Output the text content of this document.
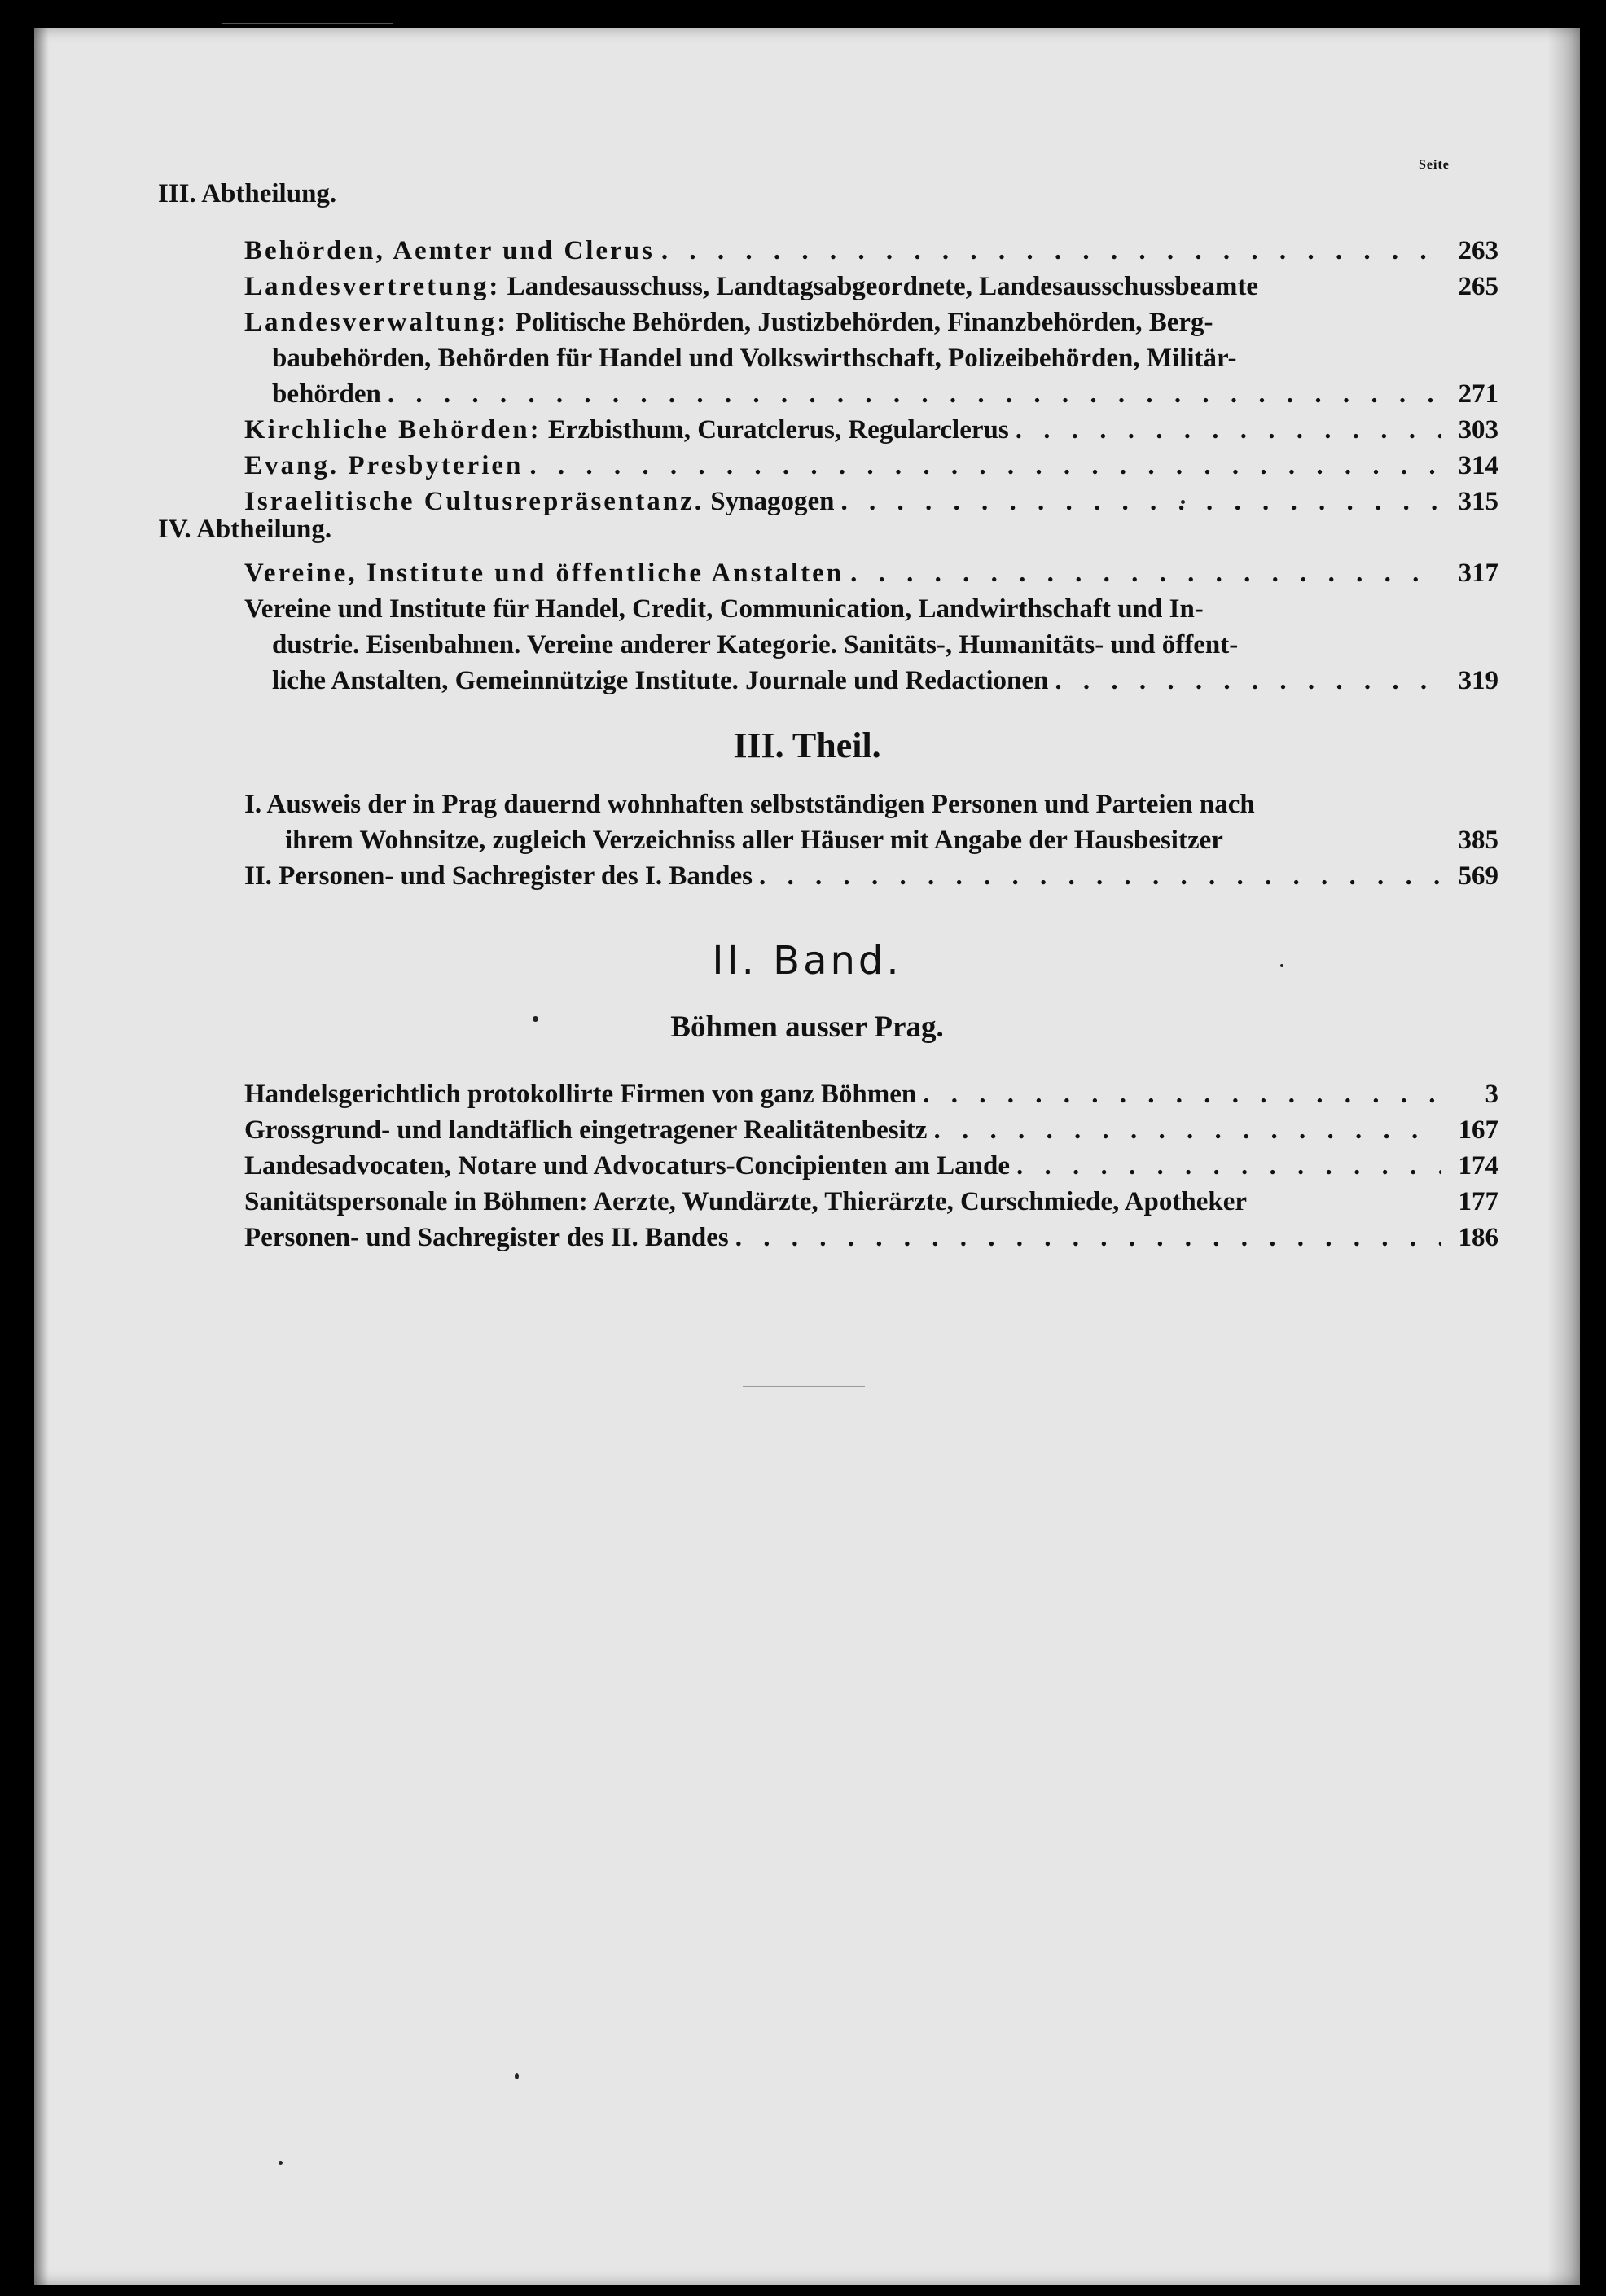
Seite
III. Abtheilung.
Behörden, Aemter und Clerus . . .	263
Landesvertretung: Landesausschuss, Landtagsabgeordnete, Landesausschussbeamte	265
Landesverwaltung: Politische Behörden, Justizbehörden, Finanzbehörden, Berg-
baubehörden, Behörden für Handel und Volkswirthschaft, Polizeibehörden, Militär-
behörden . . .	271
Kirchliche Behörden: Erzbisthum, Curatclerus, Regularclerus . . .	303
Evang. Presbyterien . . .	314
Israelitische Cultusrepräsentanz. Synagogen . . .	315
IV. Abtheilung.
Vereine, Institute und öffentliche Anstalten . . .	317
Vereine und Institute für Handel, Credit, Communication, Landwirthschaft und In-
dustrie. Eisenbahnen. Vereine anderer Kategorie. Sanitäts-, Humanitäts- und öffent-
liche Anstalten, Gemeinnützige Institute. Journale und Redactionen . . .	319
III. Theil.
I. Ausweis der in Prag dauernd wohnhaften selbstständigen Personen und Parteien nach
ihrem Wohnsitze, zugleich Verzeichniss aller Häuser mit Angabe der Hausbesitzer	385
II. Personen- und Sachregister des I. Bandes . . .	569
II. Band.
Böhmen ausser Prag.
Handelsgerichtlich protokollirte Firmen von ganz Böhmen . . .	3
Grossgrund- und landtäflich eingetragener Realitätenbesitz . . .	167
Landesadvocaten, Notare und Advocaturs-Concipienten am Lande . . .	174
Sanitätspersonale in Böhmen: Aerzte, Wundärzte, Thierärzte, Curschmiede, Apotheker	177
Personen- und Sachregister des II. Bandes . . .	186
